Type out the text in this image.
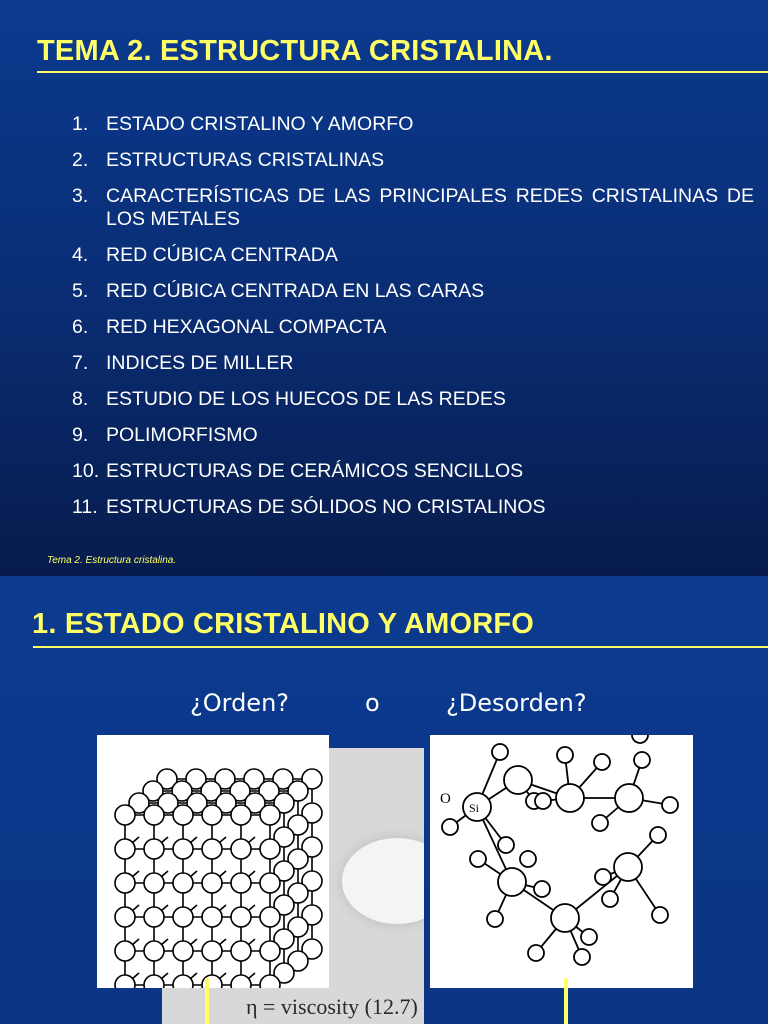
TEMA 2. ESTRUCTURA CRISTALINA.
1. ESTADO CRISTALINO Y AMORFO
2. ESTRUCTURAS CRISTALINAS
3. CARACTERÍSTICAS DE LAS PRINCIPALES REDES CRISTALINAS DE LOS METALES
4. RED CÚBICA CENTRADA
5. RED CÚBICA CENTRADA EN LAS CARAS
6. RED HEXAGONAL COMPACTA
7. INDICES DE MILLER
8. ESTUDIO DE LOS HUECOS DE LAS REDES
9. POLIMORFISMO
10. ESTRUCTURAS DE CERÁMICOS SENCILLOS
11. ESTRUCTURAS DE SÓLIDOS NO CRISTALINOS
Tema 2. Estructura cristalina.
1. ESTADO CRISTALINO Y AMORFO
¿Orden?	o	¿Desorden?
η = viscosity (12.7)
O
Si
